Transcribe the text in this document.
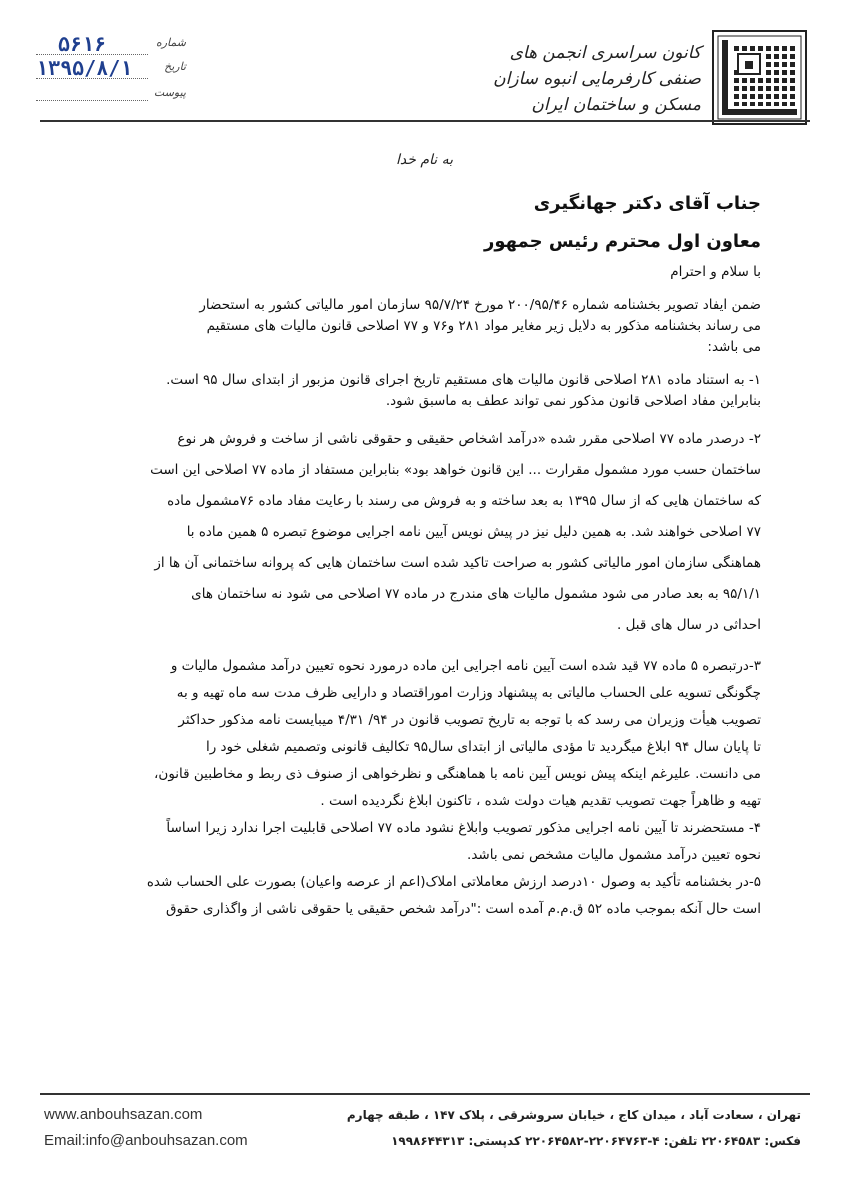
کانون سراسری انجمن های
صنفی کارفرمایی انبوه سازان
مسکن و ساختمان ایران
شماره
۵۶۱۶
تاریخ
۱۳۹۵/۸/۱
پیوست
به نام خدا
جناب آقای دکتر جهانگیری
معاون اول محترم رئیس جمهور
با سلام و احترام
ضمن ایفاد تصویر بخشنامه شماره ۲۰۰/۹۵/۴۶ مورخ ۹۵/۷/۲۴ سازمان امور مالیاتی کشور به استحضار
می رساند بخشنامه مذکور به دلایل زیر مغایر مواد ۲۸۱ و۷۶ و ۷۷ اصلاحی قانون مالیات های مستقیم
می باشد:
۱- به استناد ماده ۲۸۱ اصلاحی قانون مالیات های مستقیم تاریخ اجرای قانون مزبور از ابتدای سال ۹۵ است.
بنابراین مفاد اصلاحی قانون مذکور نمی تواند عطف به ماسبق شود.
۲- درصدر ماده ۷۷ اصلاحی مقرر شده «درآمد اشخاص حقیقی و حقوقی ناشی از ساخت و فروش هر نوع
ساختمان حسب مورد مشمول مقرارت ... این قانون خواهد بود» بنابراین مستفاد از ماده ۷۷ اصلاحی این است
که ساختمان هایی که از سال ۱۳۹۵ به بعد ساخته و به فروش می رسند با رعایت مفاد ماده ۷۶مشمول ماده
۷۷ اصلاحی خواهند شد. به همین دلیل نیز در پیش نویس آیین نامه اجرایی موضوع تبصره ۵ همین ماده با
هماهنگی سازمان امور مالیاتی کشور به صراحت تاکید شده است ساختمان هایی که پروانه ساختمانی آن ها از
۹۵/۱/۱ به بعد صادر می شود مشمول مالیات های مندرج در ماده ۷۷ اصلاحی می شود نه ساختمان های
احداثی در سال های قبل .
۳-درتبصره ۵ ماده ۷۷ قید شده است آیین نامه اجرایی این ماده درمورد نحوه تعیین درآمد مشمول مالیات و
چگونگی تسویه علی الحساب مالیاتی به پیشنهاد وزارت اموراقتصاد و دارایی ظرف مدت سه ماه تهیه و به
تصویب هیأت وزیران می رسد که با توجه به تاریخ تصویب قانون در ۹۴/ ۴/۳۱ میبایست نامه مذکور حداکثر
تا پایان سال ۹۴ ابلاغ میگردید تا مؤدی مالیاتی از ابتدای سال۹۵ تکالیف قانونی وتصمیم شغلی خود را
می دانست. علیرغم اینکه پیش نویس آیین نامه با هماهنگی و نظرخواهی از صنوف ذی ربط و مخاطبین قانون،
تهیه و ظاهراً جهت تصویب تقدیم هیات دولت شده ، تاکنون ابلاغ نگردیده است .
۴- مستحضرند تا آیین نامه اجرایی مذکور تصویب وابلاغ نشود ماده ۷۷ اصلاحی قابلیت اجرا ندارد زیرا اساساً
نحوه تعیین درآمد مشمول مالیات مشخص نمی باشد.
۵-در بخشنامه تأکید به وصول ۱۰درصد ارزش معاملاتی املاک(اعم از عرصه واعیان) بصورت علی الحساب شده
است حال آنکه بموجب ماده ۵۲ ق.م.م آمده است :"درآمد شخص حقیقی یا حقوقی ناشی از واگذاری حقوق
www.anbouhsazan.com
Email:info@anbouhsazan.com
تهران ، سعادت آباد ، میدان کاج ، خیابان سروشرقی ، پلاک ۱۴۷ ، طبقه چهارم
فکس: ۲۲۰۶۴۵۸۳ تلفن: ۴-۲۲۰۶۴۷۶۳-۲۲۰۶۴۵۸۲ کدپستی: ۱۹۹۸۶۴۴۳۱۳
